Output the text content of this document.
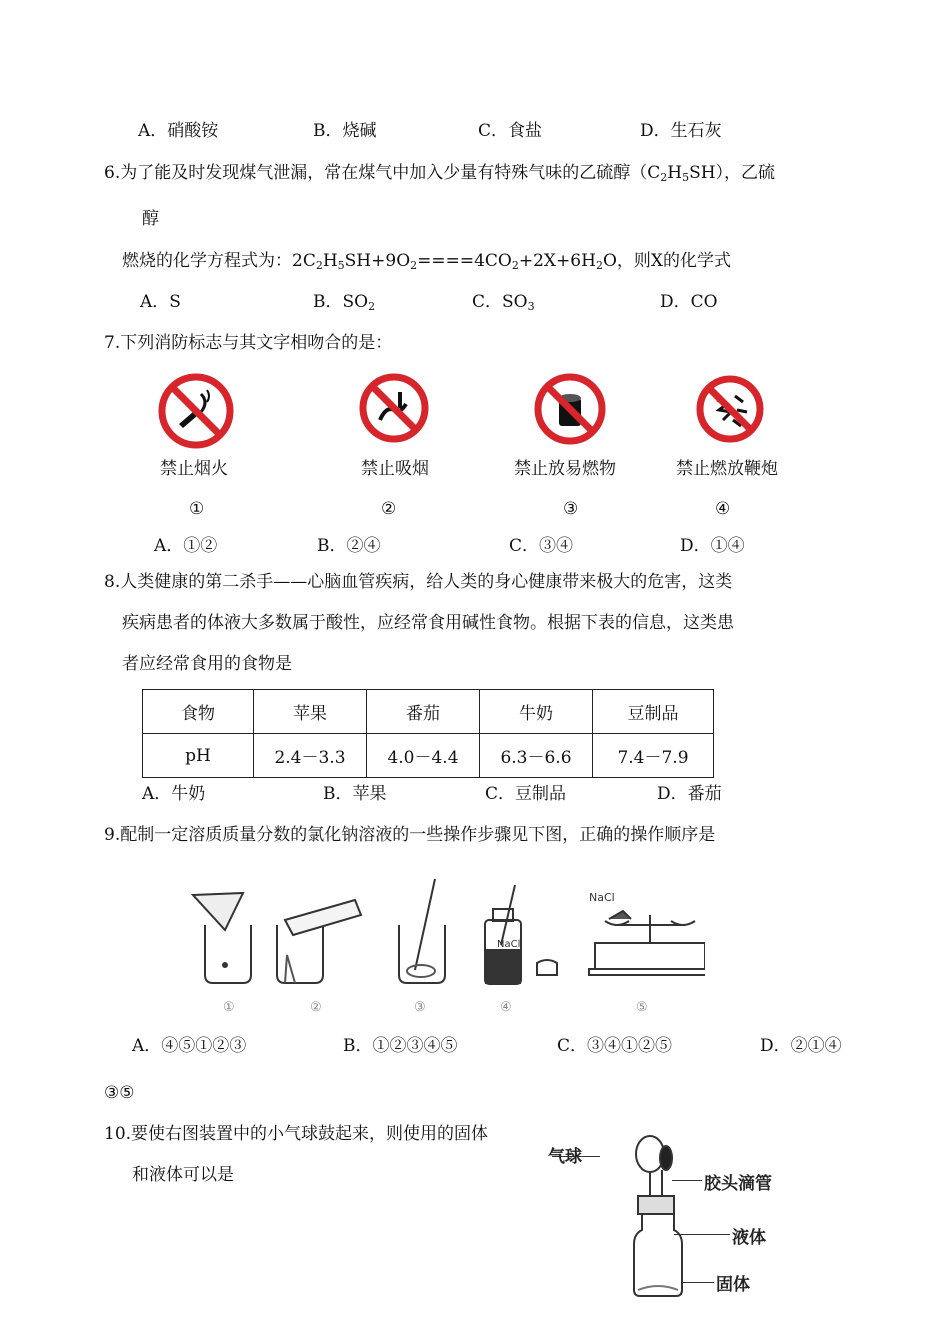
A．硝酸铵	B．烧碱	C．食盐	D．生石灰
6.为了能及时发现煤气泄漏，常在煤气中加入少量有特殊气味的乙硫醇$(C_2H_5SH)$，乙硫
醇
燃烧的化学方程式为：$2C_2H_5SH+9O_2====4CO_2+2X+6H_2O$，则X的化学式
A．S	B．$SO_2$	C．$SO_3$	D．CO
7.下列消防标志与其文字相吻合的是：
禁止烟火	禁止吸烟	禁止放易燃物	禁止燃放鞭炮
①	②	③	④
A．①②	B．②④	C．③④	D．①④
8.人类健康的第二杀手——心脑血管疾病，给人类的身心健康带来极大的危害，这类
疾病患者的体液大多数属于酸性，应经常食用碱性食物。根据下表的信息，这类患
者应经常食用的食物是
食物	苹果	番茄	牛奶	豆制品
pH	2.4－3.3	4.0－4.4	6.3－6.6	7.4－7.9
A．牛奶	B．苹果	C．豆制品	D．番茄
9.配制一定溶质质量分数的氯化钠溶液的一些操作步骤见下图，正确的操作顺序是
NaCl
NaCl
①	②	③	④	⑤
A．④⑤①②③	B．①②③④⑤	C．③④①②⑤	D．②①④
③⑤
10.要使右图装置中的小气球鼓起来，则使用的固体
和液体可以是
气球
胶头滴管
液体
固体
